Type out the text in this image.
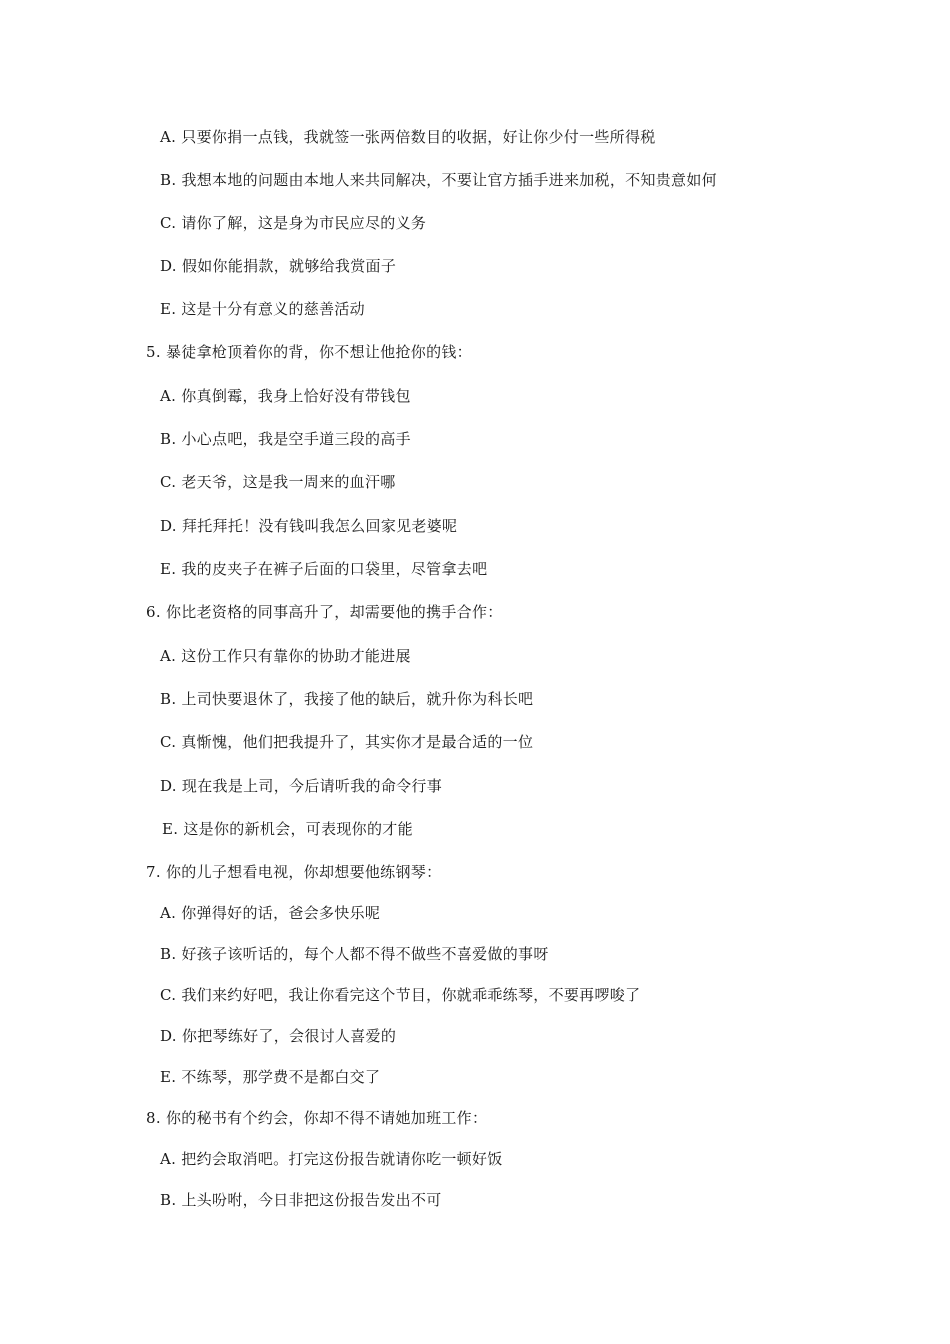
A. 只要你捐一点钱，我就签一张两倍数目的收据，好让你少付一些所得税
B. 我想本地的问题由本地人来共同解决，不要让官方插手进来加税，不知贵意如何
C. 请你了解，这是身为市民应尽的义务
D. 假如你能捐款，就够给我赏面子
E. 这是十分有意义的慈善活动
5. 暴徒拿枪顶着你的背，你不想让他抢你的钱：
A. 你真倒霉，我身上恰好没有带钱包
B. 小心点吧，我是空手道三段的高手
C. 老天爷，这是我一周来的血汗哪
D. 拜托拜托！没有钱叫我怎么回家见老婆呢
E. 我的皮夹子在裤子后面的口袋里，尽管拿去吧
6. 你比老资格的同事高升了，却需要他的携手合作：
A. 这份工作只有靠你的协助才能进展
B. 上司快要退休了，我接了他的缺后，就升你为科长吧
C. 真惭愧，他们把我提升了，其实你才是最合适的一位
D. 现在我是上司，今后请听我的命令行事
E. 这是你的新机会，可表现你的才能
7. 你的儿子想看电视，你却想要他练钢琴：
A. 你弹得好的话，爸会多快乐呢
B. 好孩子该听话的，每个人都不得不做些不喜爱做的事呀
C. 我们来约好吧，我让你看完这个节目，你就乖乖练琴，不要再啰唆了
D. 你把琴练好了，会很讨人喜爱的
E. 不练琴，那学费不是都白交了
8. 你的秘书有个约会，你却不得不请她加班工作：
A. 把约会取消吧。打完这份报告就请你吃一顿好饭
B. 上头吩咐，今日非把这份报告发出不可
